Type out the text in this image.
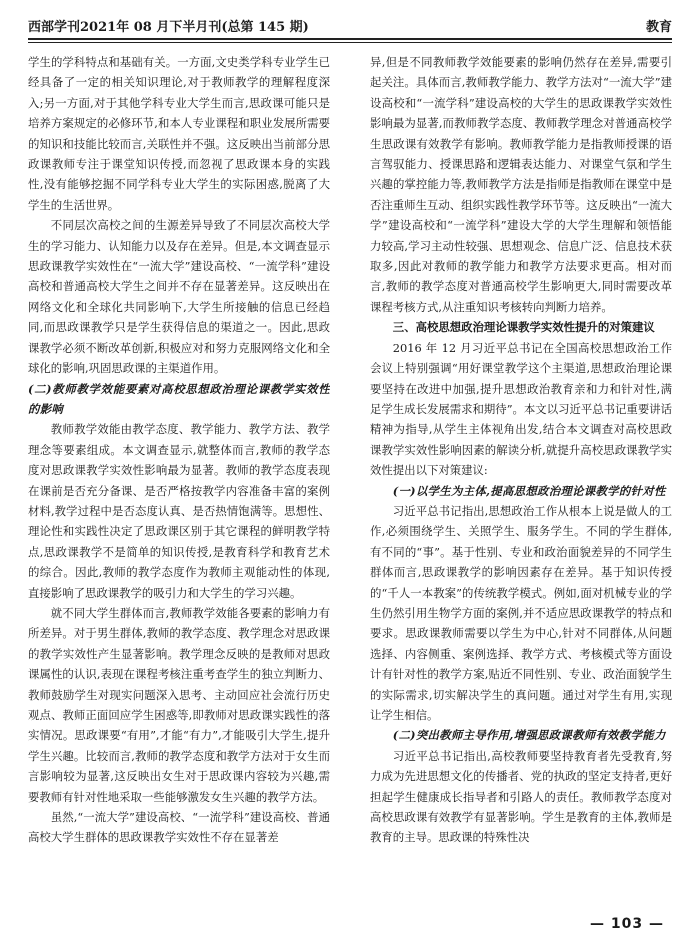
西部学刊2021年 08 月下半月刊(总第 145 期)	教育

学生的学科特点和基础有关。一方面,文史类学科专业学生已经具备了一定的相关知识理论,对于教师教学的理解程度深入;另一方面,对于其他学科专业大学生而言,思政课可能只是培养方案规定的必修环节,和本人专业课程和职业发展所需要的知识和技能比较而言,关联性并不强。这反映出当前部分思政课教师专注于课堂知识传授,而忽视了思政课本身的实践性,没有能够挖掘不同学科专业大学生的实际困惑,脱离了大学生的生活世界。

不同层次高校之间的生源差异导致了不同层次高校大学生的学习能力、认知能力以及存在差异。但是,本文调查显示思政课教学实效性在“一流大学”建设高校、“一流学科”建设高校和普通高校大学生之间并不存在显著差异。这反映出在网络文化和全球化共同影响下,大学生所接触的信息已经趋同,而思政课教学只是学生获得信息的渠道之一。因此,思政课教学必须不断改革创新,积极应对和努力克服网络文化和全球化的影响,巩固思政课的主渠道作用。

(二)教师教学效能要素对高校思想政治理论课教学实效性的影响

教师教学效能由教学态度、教学能力、教学方法、教学理念等要素组成。本文调查显示,就整体而言,教师的教学态度对思政课教学实效性影响最为显著。教师的教学态度表现在课前是否充分备课、是否严格按教学内容准备丰富的案例材料,教学过程中是否态度认真、是否热情饱满等。思想性、理论性和实践性决定了思政课区别于其它课程的鲜明教学特点,思政课教学不是简单的知识传授,是教育科学和教育艺术的综合。因此,教师的教学态度作为教师主观能动性的体现,直接影响了思政课教学的吸引力和大学生的学习兴趣。

就不同大学生群体而言,教师教学效能各要素的影响力有所差异。对于男生群体,教师的教学态度、教学理念对思政课的教学实效性产生显著影响。教学理念反映的是教师对思政课属性的认识,表现在课程考核注重考查学生的独立判断力、教师鼓励学生对现实问题深入思考、主动回应社会流行历史观点、教师正面回应学生困惑等,即教师对思政课实践性的落实情况。思政课要“有用”,才能“有力”,才能吸引大学生,提升学生兴趣。比较而言,教师的教学态度和教学方法对于女生而言影响较为显著,这反映出女生对于思政课内容较为兴趣,需要教师有针对性地采取一些能够激发女生兴趣的教学方法。

虽然,“一流大学”建设高校、“一流学科”建设高校、普通高校大学生群体的思政课教学实效性不存在显著差

异,但是不同教师教学效能要素的影响仍然存在差异,需要引起关注。具体而言,教师教学能力、教学方法对“一流大学”建设高校和“一流学科”建设高校的大学生的思政课教学实效性影响最为显著,而教师教学态度、教师教学理念对普通高校学生思政课有效教学有影响。教师教学能力是指教师授课的语言驾驭能力、授课思路和逻辑表达能力、对课堂气氛和学生兴趣的掌控能力等,教师教学方法是指师是指教师在课堂中是否注重师生互动、组织实践性教学环节等。这反映出“一流大学”建设高校和“一流学科”建设大学的大学生理解和领悟能力较高,学习主动性较强、思想观念、信息广泛、信息技术获取多,因此对教师的教学能力和教学方法要求更高。相对而言,教师的教学态度对普通高校学生影响更大,同时需要改革课程考核方式,从注重知识考核转向判断力培养。

三、高校思想政治理论课教学实效性提升的对策建议

2016 年 12 月习近平总书记在全国高校思想政治工作会议上特别强调“用好课堂教学这个主渠道,思想政治理论课要坚持在改进中加强,提升思想政治教育亲和力和针对性,满足学生成长发展需求和期待”。本文以习近平总书记重要讲话精神为指导,从学生主体视角出发,结合本文调查对高校思政课教学实效性影响因素的解读分析,就提升高校思政课教学实效性提出以下对策建议:

(一)以学生为主体,提高思想政治理论课教学的针对性

习近平总书记指出,思想政治工作从根本上说是做人的工作,必须围绕学生、关照学生、服务学生。不同的学生群体,有不同的“事”。基于性别、专业和政治面貌差异的不同学生群体而言,思政课教学的影响因素存在差异。基于知识传授的“千人一本教案”的传统教学模式。例如,面对机械专业的学生仍然引用生物学方面的案例,并不适应思政课教学的特点和要求。思政课教师需要以学生为中心,针对不同群体,从问题选择、内容侧重、案例选择、教学方式、考核模式等方面设计有针对性的教学方案,贴近不同性别、专业、政治面貌学生的实际需求,切实解决学生的真问题。通过对学生有用,实现让学生相信。

(二)突出教师主导作用,增强思政课教师有效教学能力

习近平总书记指出,高校教师要坚持教育者先受教育,努力成为先进思想文化的传播者、党的执政的坚定支持者,更好担起学生健康成长指导者和引路人的责任。教师教学态度对高校思政课有效教学有显著影响。学生是教育的主体,教师是教育的主导。思政课的特殊性决

— 103 —
